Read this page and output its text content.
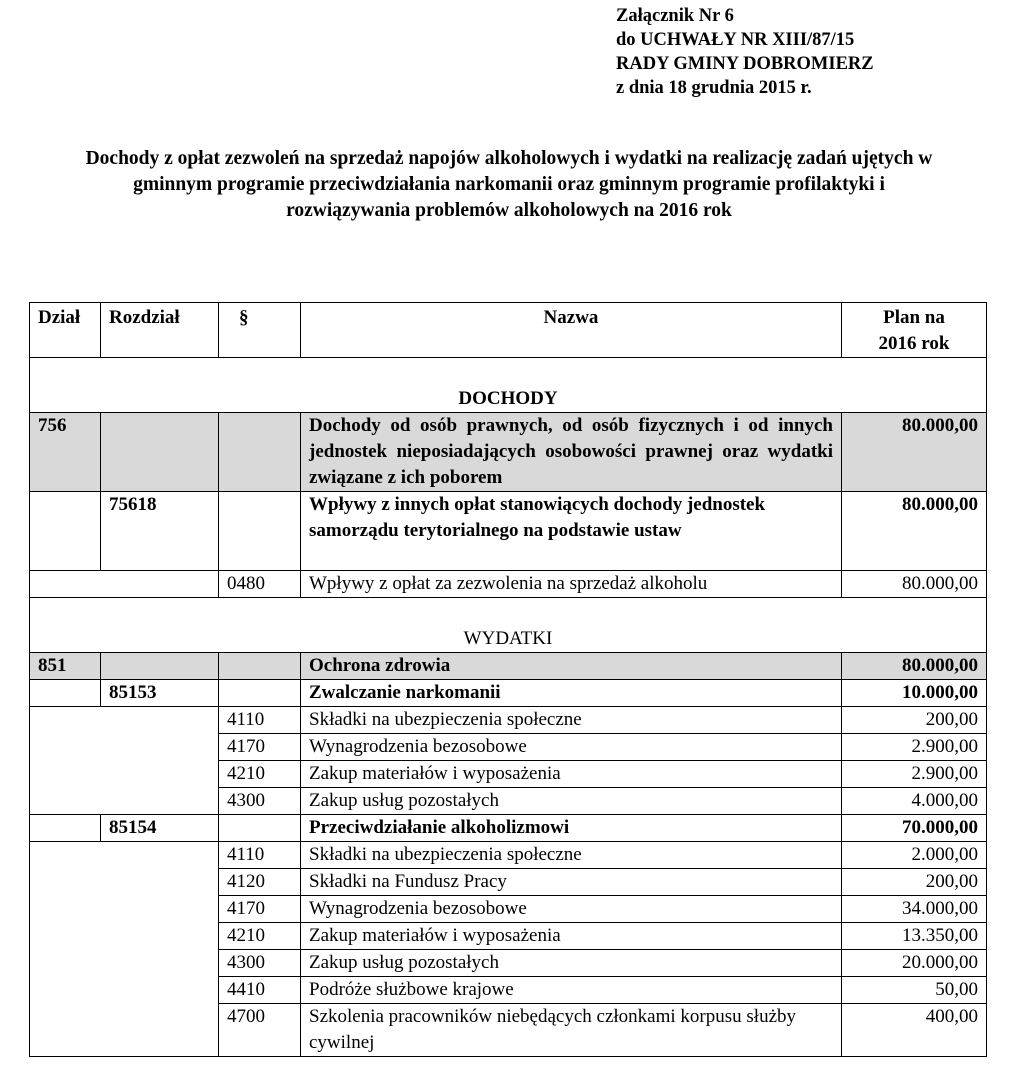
Załącznik Nr 6
do UCHWAŁY NR XIII/87/15
RADY GMINY DOBROMIERZ
z dnia 18 grudnia 2015 r.
Dochody z opłat zezwoleń na sprzedaż napojów alkoholowych i wydatki na realizację zadań ujętych w
gminnym programie przeciwdziałania narkomanii oraz gminnym programie profilaktyki i
rozwiązywania problemów alkoholowych na 2016 rok
Dział	Rozdział	§	Nazwa	Plan na
2016 rok
DOCHODY				
756			Dochody od osób prawnych, od osób fizycznych i od innych jednostek nieposiadających osobowości prawnej oraz wydatki związane z ich poborem	80.000,00
	75618		Wpływy z innych opłat stanowiących dochody jednostek samorządu terytorialnego na podstawie ustaw	80.000,00
		0480	Wpływy z opłat za zezwolenia na sprzedaż alkoholu	80.000,00
WYDATKI				
851			Ochrona zdrowia	80.000,00
	85153		Zwalczanie narkomanii	10.000,00
		4110	Składki na ubezpieczenia społeczne	200,00
		4170	Wynagrodzenia bezosobowe	2.900,00
		4210	Zakup materiałów i wyposażenia	2.900,00
		4300	Zakup usług pozostałych	4.000,00
	85154		Przeciwdziałanie alkoholizmowi	70.000,00
		4110	Składki na ubezpieczenia społeczne	2.000,00
		4120	Składki na Fundusz Pracy	200,00
		4170	Wynagrodzenia bezosobowe	34.000,00
		4210	Zakup materiałów i wyposażenia	13.350,00
		4300	Zakup usług pozostałych	20.000,00
		4410	Podróże służbowe krajowe	50,00
		4700	Szkolenia pracowników niebędących członkami korpusu służby cywilnej	400,00
